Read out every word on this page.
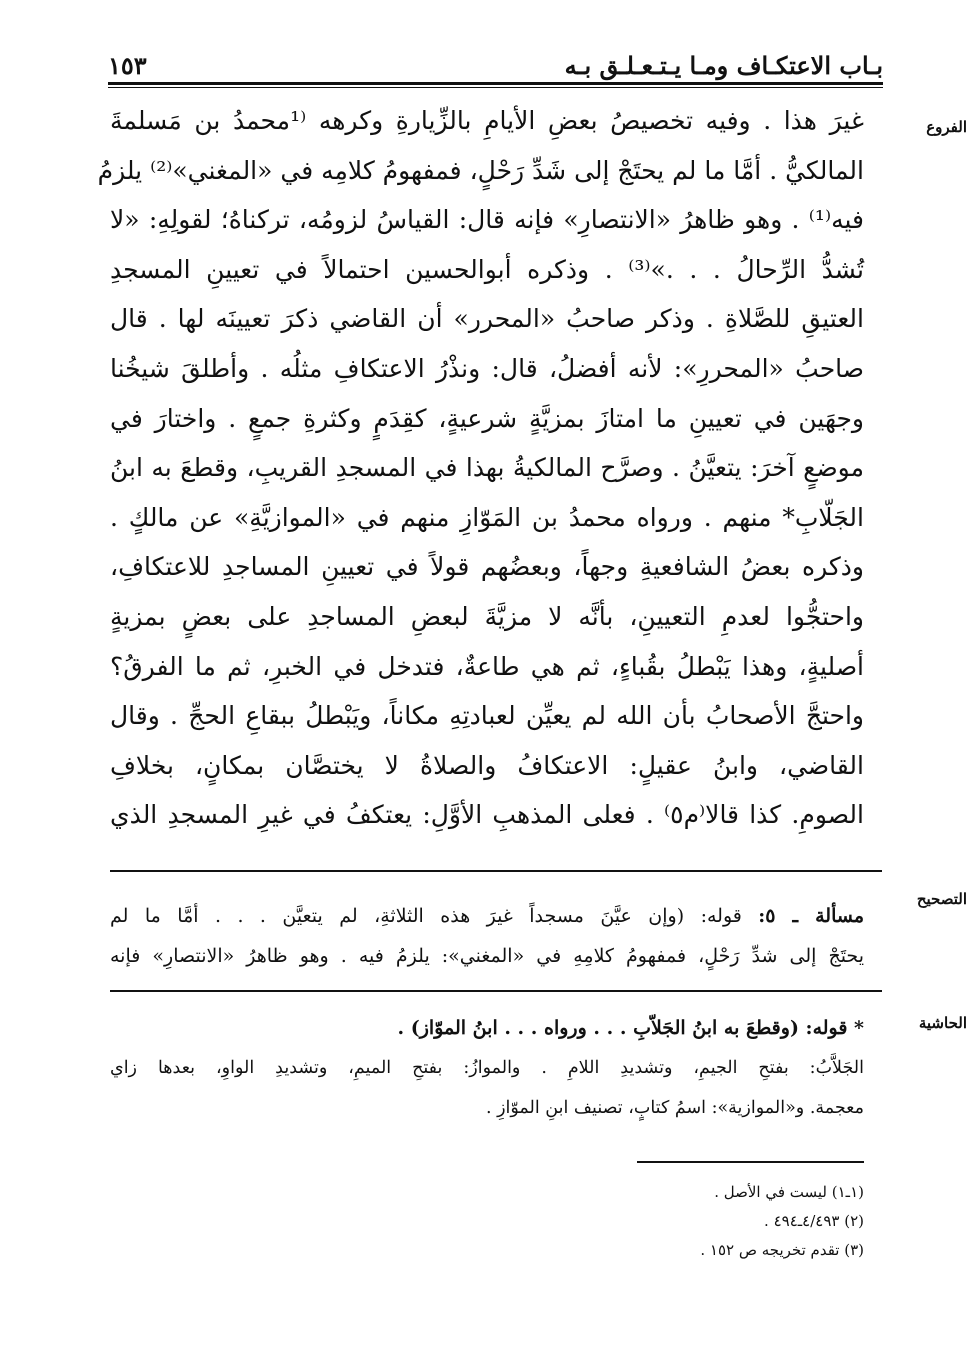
بـاب الاعتكـاف ومـا يـتـعـلـق بـه
١٥٣
الفروع
التصحيح
الحاشية
غيرَ هذا . وفيه تخصيصُ بعضِ الأيامِ بالزِّيارةِ وكرهه ⁽¹محمدُ بن مَسلمةَ
المالكيُّ . أمَّا ما لم يحتَجْ إلى شَدِّ رَحْلٍ، فمفهومُ كلامِه في «المغني»⁽²⁾ يلزمُ
فيه⁽¹⁾ . وهو ظاهرُ «الانتصارِ» فإنه قال: القياسُ لزومُه، تركناهُ؛ لقولِهِ: «لا
تُشدُّ الرِّحالُ . . .»⁽³⁾ . وذكره أبوالحسين احتمالاً في تعيينِ المسجدِ
العتيقِ للصَّلاةِ . وذكر صاحبُ «المحرر» أن القاضي ذكرَ تعيينَه لها . قال
صاحبُ «المحررِ»: لأنه أفضلُ، قال: ونذْرُ الاعتكافِ مثلُه . وأطلقَ شيخُنا
وجهَين في تعيينِ ما امتازَ بمزيَّةٍ شرعيةٍ، كقِدَمٍ وكثرةِ جمعٍ . واختارَ في
موضعٍ آخرَ: يتعيَّنُ . وصرَّح المالكيةُ بهذا في المسجدِ القريبِ، وقطعَ به ابنُ
الجَلّابِ* منهم . ورواه محمدُ بن المَوّازِ منهم في «الموازيَّةِ» عن مالكٍ .
وذكره بعضُ الشافعيةِ وجهاً، وبعضُهم قولاً في تعيينِ المساجدِ للاعتكافِ،
واحتجُّوا لعدمِ التعيينِ، بأنَّه لا مزيَّةَ لبعضِ المساجدِ على بعضٍ بمزيةٍ
أصليةٍ، وهذا يَبْطلُ بقُباءٍ، ثم هي طاعةٌ، فتدخل في الخبرِ، ثم ما الفرقُ؟
واحتجَّ الأصحابُ بأن الله لم يعيِّن لعبادتِهِ مكاناً، ويَبْطلُ ببقاعِ الحجِّ . وقال
القاضي، وابنُ عقيلٍ: الاعتكافُ والصلاةُ لا يختصَّان بمكانٍ، بخلافِ
الصومِ. كذا قالا⁽م٥⁾ . فعلى المذهبِ الأوَّلِ: يعتكفُ في غيرِ المسجدِ الذي
مسألة ـ ٥: قوله: (وإن عيَّنَ مسجداً غيرَ هذه الثلاثةِ، لم يتعيَّن . . . أمَّا ما لم
يحتَجْ إلى شدِّ رَحْلٍ، فمفهومُ كلامِهِ في «المغني»: يلزمُ فيه . وهو ظاهرُ «الانتصارِ» فإنه
* قوله: (وقطعَ به ابنُ الجَلاّبِ . . . ورواه . . . ابنُ الموّاز) .
الجَلاَّبُ: بفتحِ الجيمِ، وتشديدِ اللامِ . والموازُ: بفتحِ الميمِ، وتشديدِ الواوِ، بعدها زاي
معجمة. و«الموازية»: اسمُ كتابٍ، تصنيف ابنِ الموّازِ .
(١ـ١) ليست في الأصل .
(٢) ٤/٤٩٣ـ٤٩٤ .
(٣) تقدم تخريجه ص ١٥٢ .
